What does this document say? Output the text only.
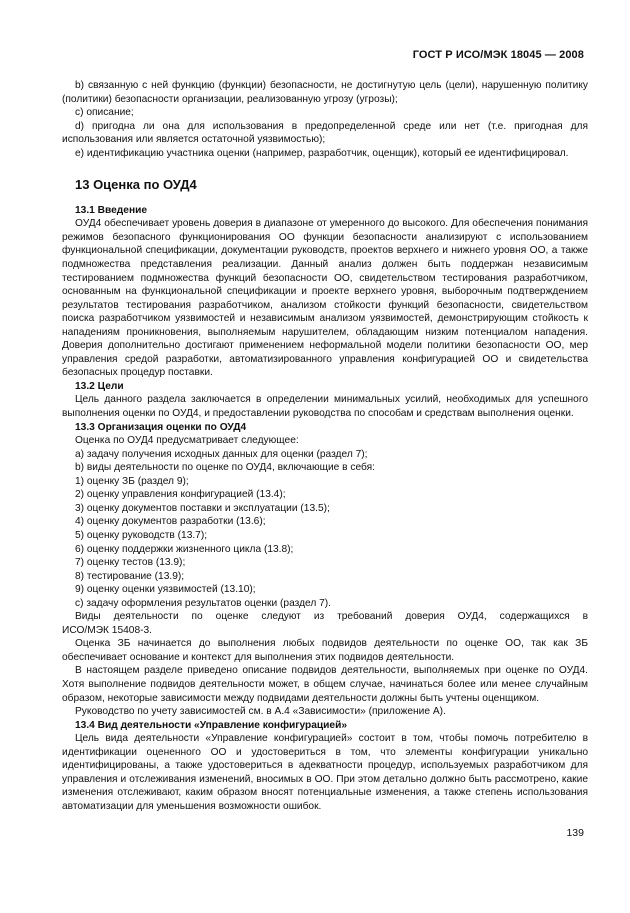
ГОСТ Р ИСО/МЭК 18045 — 2008

b) связанную с ней функцию (функции) безопасности, не достигнутую цель (цели), нарушенную политику (политики) безопасности организации, реализованную угрозу (угрозы);

c) описание;

d) пригодна ли она для использования в предопределенной среде или нет (т.е. пригодная для использования или является остаточной уязвимостью);

e) идентификацию участника оценки (например, разработчик, оценщик), который ее идентифицировал.

13 Оценка по ОУД4
13.1 Введение

ОУД4 обеспечивает уровень доверия в диапазоне от умеренного до высокого. Для обеспечения понимания режимов безопасного функционирования ОО функции безопасности анализируют с использованием функциональной спецификации, документации руководств, проектов верхнего и нижнего уровня ОО, а также подмножества представления реализации. Данный анализ должен быть поддержан независимым тестированием подмножества функций безопасности ОО, свидетельством тестирования разработчиком, основанным на функциональной спецификации и проекте верхнего уровня, выборочным подтверждением результатов тестирования разработчиком, анализом стойкости функций безопасности, свидетельством поиска разработчиком уязвимостей и независимым анализом уязвимостей, демонстрирующим стойкость к нападениям проникновения, выполняемым нарушителем, обладающим низким потенциалом нападения. Доверия дополнительно достигают применением неформальной модели политики безопасности ОО, мер управления средой разработки, автоматизированного управления конфигурацией ОО и свидетельства безопасных процедур поставки.

13.2 Цели

Цель данного раздела заключается в определении минимальных усилий, необходимых для успешного выполнения оценки по ОУД4, и предоставлении руководства по способам и средствам выполнения оценки.

13.3 Организация оценки по ОУД4

Оценка по ОУД4 предусматривает следующее:

a) задачу получения исходных данных для оценки (раздел 7);

b) виды деятельности по оценке по ОУД4, включающие в себя:

1) оценку ЗБ (раздел 9);

2) оценку управления конфигурацией (13.4);

3) оценку документов поставки и эксплуатации (13.5);

4) оценку документов разработки (13.6);

5) оценку руководств (13.7);

6) оценку поддержки жизненного цикла (13.8);

7) оценку тестов (13.9);

8) тестирование (13.9);

9) оценку оценки уязвимостей (13.10);

c) задачу оформления результатов оценки (раздел 7).

Виды деятельности по оценке следуют из требований доверия ОУД4, содержащихся в

ИСО/МЭК 15408-3.

Оценка ЗБ начинается до выполнения любых подвидов деятельности по оценке ОО, так как ЗБ обеспечивает основание и контекст для выполнения этих подвидов деятельности.

В настоящем разделе приведено описание подвидов деятельности, выполняемых при оценке по ОУД4. Хотя выполнение подвидов деятельности может, в общем случае, начинаться более или менее случайным образом, некоторые зависимости между подвидами деятельности должны быть учтены оценщиком.

Руководство по учету зависимостей см. в А.4 «Зависимости» (приложение А).

13.4 Вид деятельности «Управление конфигурацией»

Цель вида деятельности «Управление конфигурацией» состоит в том, чтобы помочь потребителю в идентификации оцененного ОО и удостовериться в том, что элементы конфигурации уникально идентифицированы, а также удостовериться в адекватности процедур, используемых разработчиком для управления и отслеживания изменений, вносимых в ОО. При этом детально должно быть рассмотрено, какие изменения отслеживают, каким образом вносят потенциальные изменения, а также степень использования автоматизации для уменьшения возможности ошибок.

139
